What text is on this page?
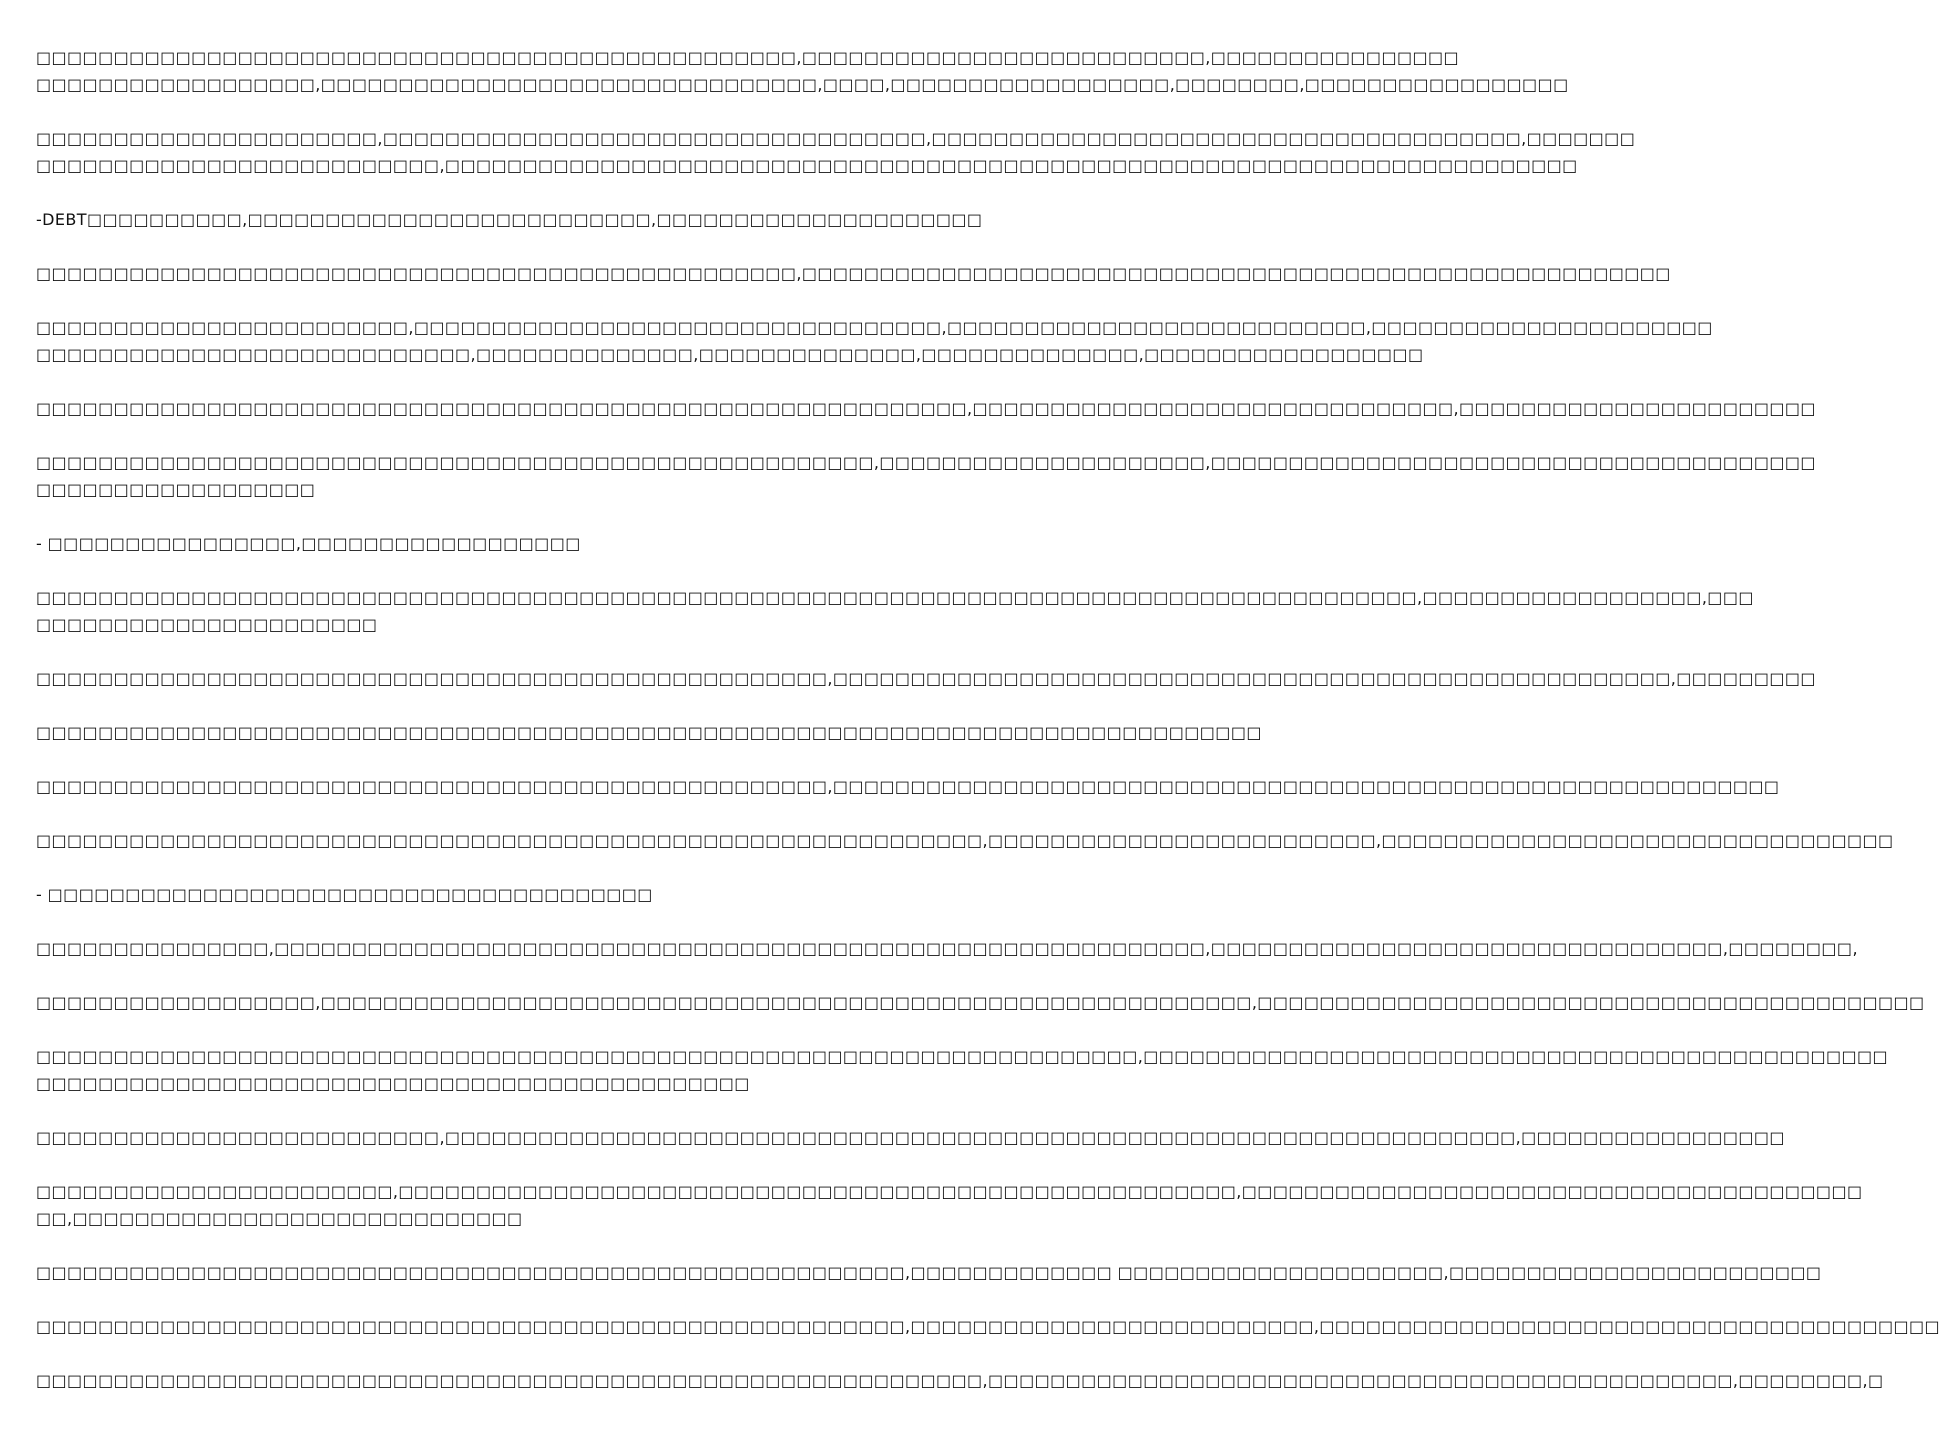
□□□□□□□□□□□□□□□□□□□□□□□□□□□□□□□□□□□□□□□□□□□□□□□□□,□□□□□□□□□□□□□□□□□□□□□□□□□□,□□□□□□□□□□□□□□□□
□□□□□□□□□□□□□□□□□□,□□□□□□□□□□□□□□□□□□□□□□□□□□□□□□□□,□□□□,□□□□□□□□□□□□□□□□□□,□□□□□□□□,□□□□□□□□□□□□□□□□□

□□□□□□□□□□□□□□□□□□□□□□,□□□□□□□□□□□□□□□□□□□□□□□□□□□□□□□□□□□,□□□□□□□□□□□□□□□□□□□□□□□□□□□□□□□□□□□□□□,□□□□□□□
□□□□□□□□□□□□□□□□□□□□□□□□□□,□□□□□□□□□□□□□□□□□□□□□□□□□□□□□□□□□□□□□□□□□□□□□□□□□□□□□□□□□□□□□□□□□□□□□□□□□

-DEBT□□□□□□□□□□,□□□□□□□□□□□□□□□□□□□□□□□□□□,□□□□□□□□□□□□□□□□□□□□□

□□□□□□□□□□□□□□□□□□□□□□□□□□□□□□□□□□□□□□□□□□□□□□□□□,□□□□□□□□□□□□□□□□□□□□□□□□□□□□□□□□□□□□□□□□□□□□□□□□□□□□□□□□

□□□□□□□□□□□□□□□□□□□□□□□□,□□□□□□□□□□□□□□□□□□□□□□□□□□□□□□□□□□,□□□□□□□□□□□□□□□□□□□□□□□□□□□,□□□□□□□□□□□□□□□□□□□□□□
□□□□□□□□□□□□□□□□□□□□□□□□□□□□,□□□□□□□□□□□□□□,□□□□□□□□□□□□□□,□□□□□□□□□□□□□□,□□□□□□□□□□□□□□□□□□

□□□□□□□□□□□□□□□□□□□□□□□□□□□□□□□□□□□□□□□□□□□□□□□□□□□□□□□□□□□□,□□□□□□□□□□□□□□□□□□□□□□□□□□□□□□□,□□□□□□□□□□□□□□□□□□□□□□□

□□□□□□□□□□□□□□□□□□□□□□□□□□□□□□□□□□□□□□□□□□□□□□□□□□□□□□,□□□□□□□□□□□□□□□□□□□□□,□□□□□□□□□□□□□□□□□□□□□□□□□□□□□□□□□□□□□□□
□□□□□□□□□□□□□□□□□□

- □□□□□□□□□□□□□□□□,□□□□□□□□□□□□□□□□□□

□□□□□□□□□□□□□□□□□□□□□□□□□□□□□□□□□□□□□□□□□□□□□□□□□□□□□□□□□□□□□□□□□□□□□□□□□□□□□□□□□□□□□□□□□,□□□□□□□□□□□□□□□□□□,□□□
□□□□□□□□□□□□□□□□□□□□□□

□□□□□□□□□□□□□□□□□□□□□□□□□□□□□□□□□□□□□□□□□□□□□□□□□□□,□□□□□□□□□□□□□□□□□□□□□□□□□□□□□□□□□□□□□□□□□□□□□□□□□□□□□□,□□□□□□□□□

□□□□□□□□□□□□□□□□□□□□□□□□□□□□□□□□□□□□□□□□□□□□□□□□□□□□□□□□□□□□□□□□□□□□□□□□□□□□□□□

□□□□□□□□□□□□□□□□□□□□□□□□□□□□□□□□□□□□□□□□□□□□□□□□□□□,□□□□□□□□□□□□□□□□□□□□□□□□□□□□□□□□□□□□□□□□□□□□□□□□□□□□□□□□□□□□□

□□□□□□□□□□□□□□□□□□□□□□□□□□□□□□□□□□□□□□□□□□□□□□□□□□□□□□□□□□□□□,□□□□□□□□□□□□□□□□□□□□□□□□□,□□□□□□□□□□□□□□□□□□□□□□□□□□□□□□□□□

- □□□□□□□□□□□□□□□□□□□□□□□□□□□□□□□□□□□□□□□

□□□□□□□□□□□□□□□,□□□□□□□□□□□□□□□□□□□□□□□□□□□□□□□□□□□□□□□□□□□□□□□□□□□□□□□□□□□□,□□□□□□□□□□□□□□□□□□□□□□□□□□□□□□□□□,□□□□□□□□,

□□□□□□□□□□□□□□□□□□,□□□□□□□□□□□□□□□□□□□□□□□□□□□□□□□□□□□□□□□□□□□□□□□□□□□□□□□□□□□□,□□□□□□□□□□□□□□□□□□□□□□□□□□□□□□□□□□□□□□□□□□□

□□□□□□□□□□□□□□□□□□□□□□□□□□□□□□□□□□□□□□□□□□□□□□□□□□□□□□□□□□□□□□□□□□□□□□□,□□□□□□□□□□□□□□□□□□□□□□□□□□□□□□□□□□□□□□□□□□□□□□□□
□□□□□□□□□□□□□□□□□□□□□□□□□□□□□□□□□□□□□□□□□□□□□□

□□□□□□□□□□□□□□□□□□□□□□□□□□,□□□□□□□□□□□□□□□□□□□□□□□□□□□□□□□□□□□□□□□□□□□□□□□□□□□□□□□□□□□□□□□□□□□□□,□□□□□□□□□□□□□□□□□

□□□□□□□□□□□□□□□□□□□□□□□,□□□□□□□□□□□□□□□□□□□□□□□□□□□□□□□□□□□□□□□□□□□□□□□□□□□□□□,□□□□□□□□□□□□□□□□□□□□□□□□□□□□□□□□□□□□□□□□
□□,□□□□□□□□□□□□□□□□□□□□□□□□□□□□□

□□□□□□□□□□□□□□□□□□□□□□□□□□□□□□□□□□□□□□□□□□□□□□□□□□□□□□□□,□□□□□□□□□□□□□ □□□□□□□□□□□□□□□□□□□□□,□□□□□□□□□□□□□□□□□□□□□□□□

□□□□□□□□□□□□□□□□□□□□□□□□□□□□□□□□□□□□□□□□□□□□□□□□□□□□□□□□,□□□□□□□□□□□□□□□□□□□□□□□□□□,□□□□□□□□□□□□□□□□□□□□□□□□□□□□□□□□□□□□□□□□

□□□□□□□□□□□□□□□□□□□□□□□□□□□□□□□□□□□□□□□□□□□□□□□□□□□□□□□□□□□□□,□□□□□□□□□□□□□□□□□□□□□□□□□□□□□□□□□□□□□□□□□□□□□□□□,□□□□□□□□,□
